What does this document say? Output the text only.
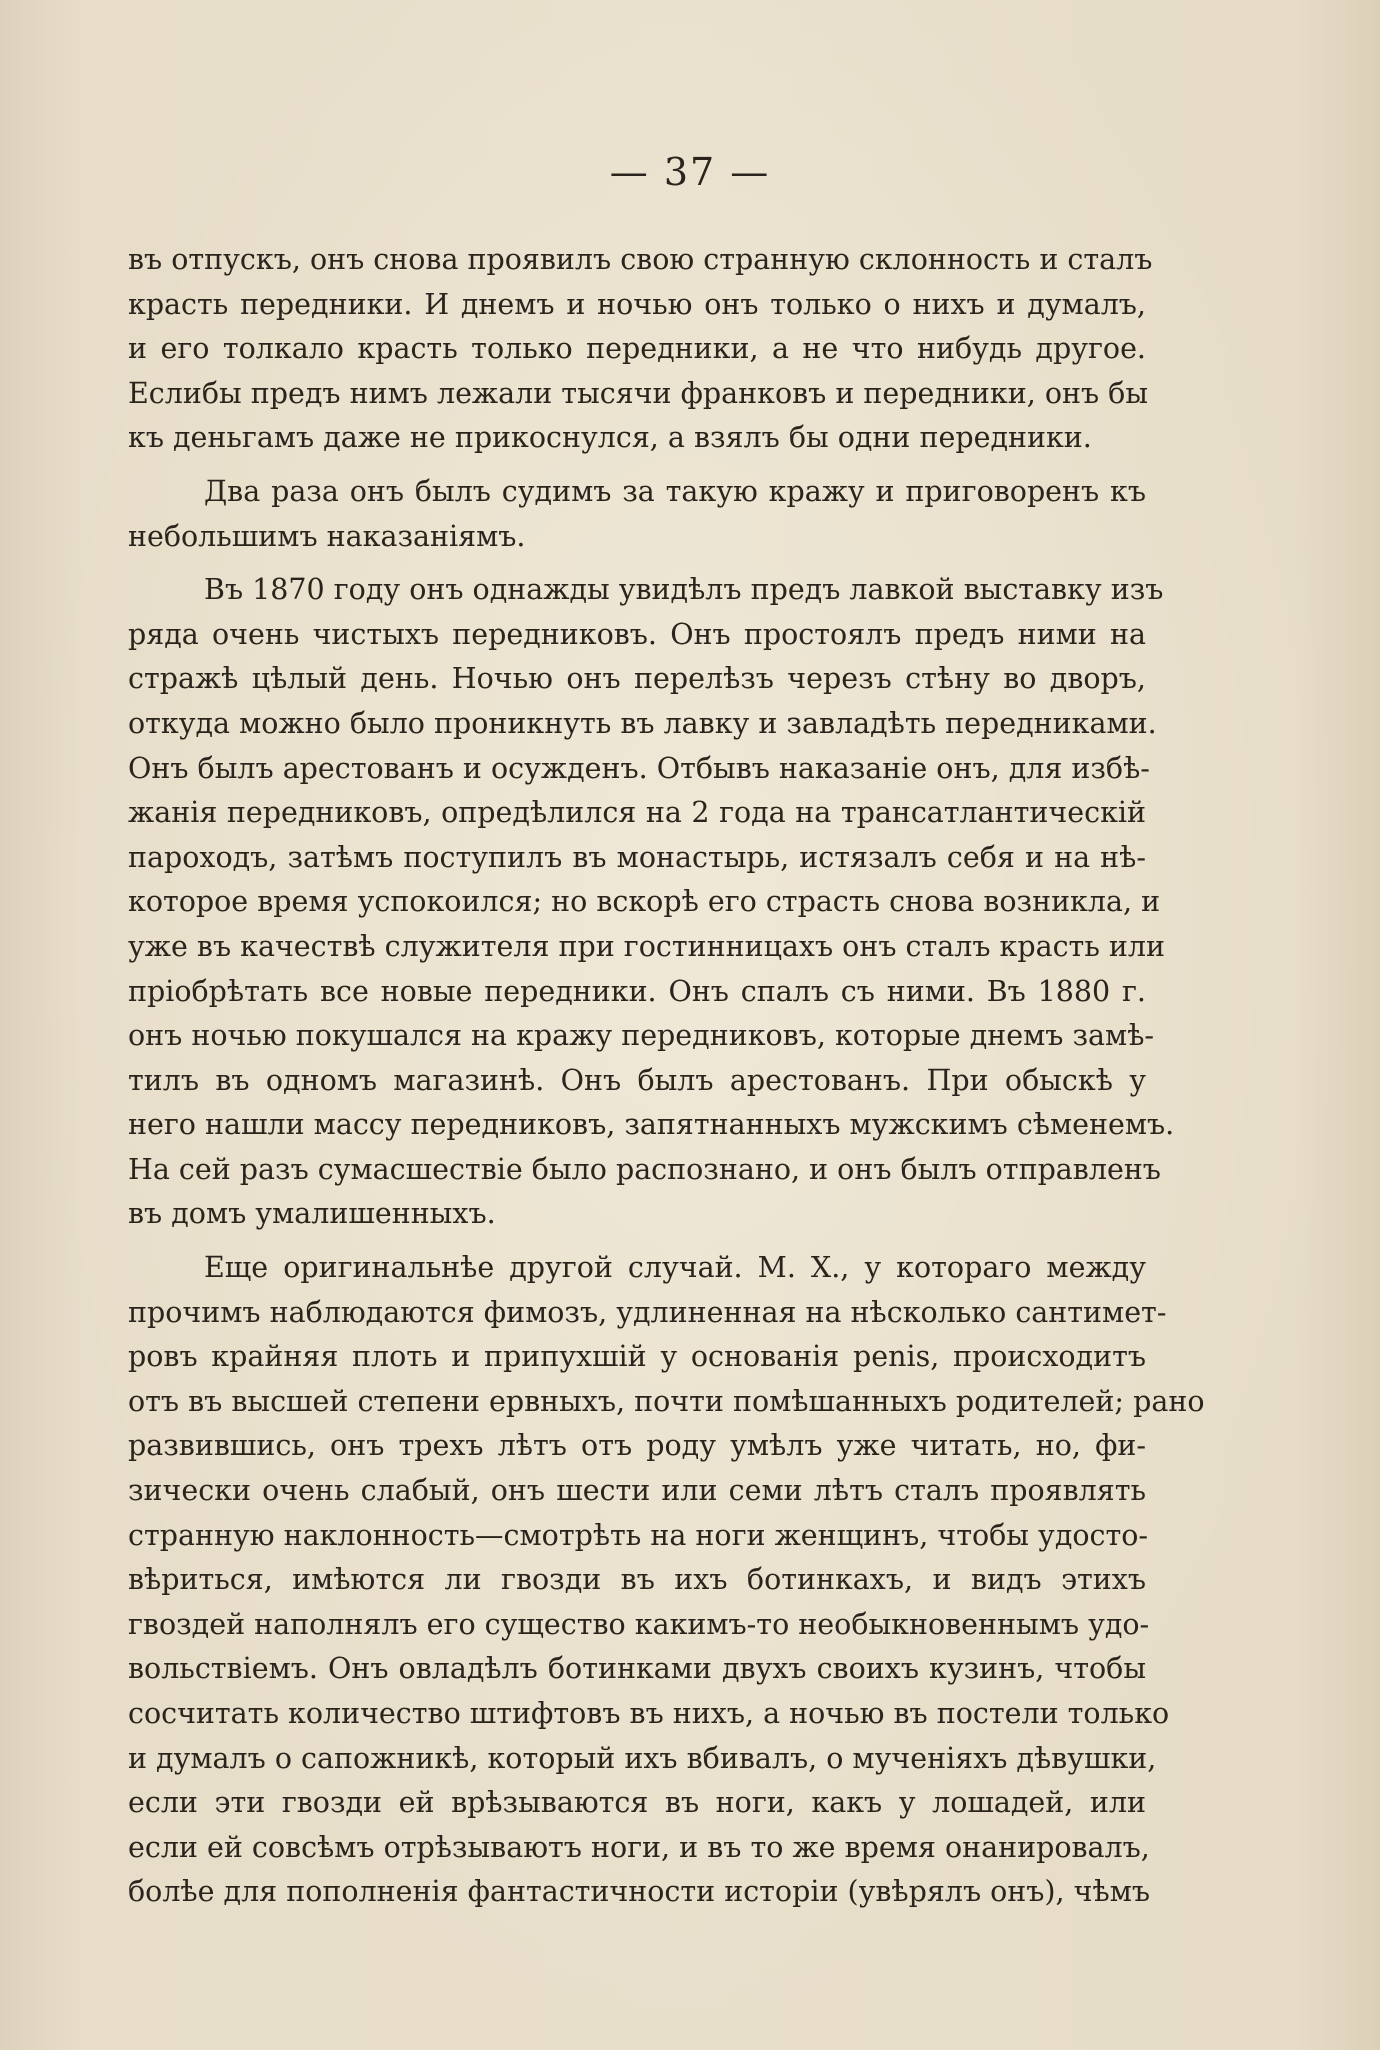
— 37 —
въ отпускъ, онъ снова проявилъ свою странную склонность и сталъ
красть передники. И днемъ и ночью онъ только о нихъ и думалъ,
и его толкало красть только передники, а не что нибудь другое.
Еслибы предъ нимъ лежали тысячи франковъ и передники, онъ бы
къ деньгамъ даже не прикоснулся, а взялъ бы одни передники.
Два раза онъ былъ судимъ за такую кражу и приговоренъ къ
небольшимъ наказаніямъ.
Въ 1870 году онъ однажды увидѣлъ предъ лавкой выставку изъ
ряда очень чистыхъ передниковъ. Онъ простоялъ предъ ними на
стражѣ цѣлый день. Ночью онъ перелѣзъ черезъ стѣну во дворъ,
откуда можно было проникнуть въ лавку и завладѣть передниками.
Онъ былъ арестованъ и осужденъ. Отбывъ наказаніе онъ, для избѣ-
жанія передниковъ, опредѣлился на 2 года на трансатлантическій
пароходъ, затѣмъ поступилъ въ монастырь, истязалъ себя и на нѣ-
которое время успокоился; но вскорѣ его страсть снова возникла, и
уже въ качествѣ служителя при гостинницахъ онъ сталъ красть или
пріобрѣтать все новые передники. Онъ спалъ съ ними. Въ 1880 г.
онъ ночью покушался на кражу передниковъ, которые днемъ замѣ-
тилъ въ одномъ магазинѣ. Онъ былъ арестованъ. При обыскѣ у
него нашли массу передниковъ, запятнанныхъ мужскимъ сѣменемъ.
На сей разъ сумасшествіе было распознано, и онъ былъ отправленъ
въ домъ умалишенныхъ.
Еще оригинальнѣе другой случай. М. Х., у котораго между
прочимъ наблюдаются фимозъ, удлиненная на нѣсколько сантимет-
ровъ крайняя плоть и припухшій у основанія penis, происходитъ
отъ въ высшей степени ервныхъ, почти помѣшанныхъ родителей; рано
развившись, онъ трехъ лѣтъ отъ роду умѣлъ уже читать, но, фи-
зически очень слабый, онъ шести или семи лѣтъ сталъ проявлять
странную наклонность—смотрѣть на ноги женщинъ, чтобы удосто-
вѣриться, имѣются ли гвозди въ ихъ ботинкахъ, и видъ этихъ
гвоздей наполнялъ его существо какимъ-то необыкновеннымъ удо-
вольствіемъ. Онъ овладѣлъ ботинками двухъ своихъ кузинъ, чтобы
сосчитать количество штифтовъ въ нихъ, а ночью въ постели только
и думалъ о сапожникѣ, который ихъ вбивалъ, о мученіяхъ дѣвушки,
если эти гвозди ей врѣзываются въ ноги, какъ у лошадей, или
если ей совсѣмъ отрѣзываютъ ноги, и въ то же время онанировалъ,
болѣе для пополненія фантастичности исторіи (увѣрялъ онъ), чѣмъ
